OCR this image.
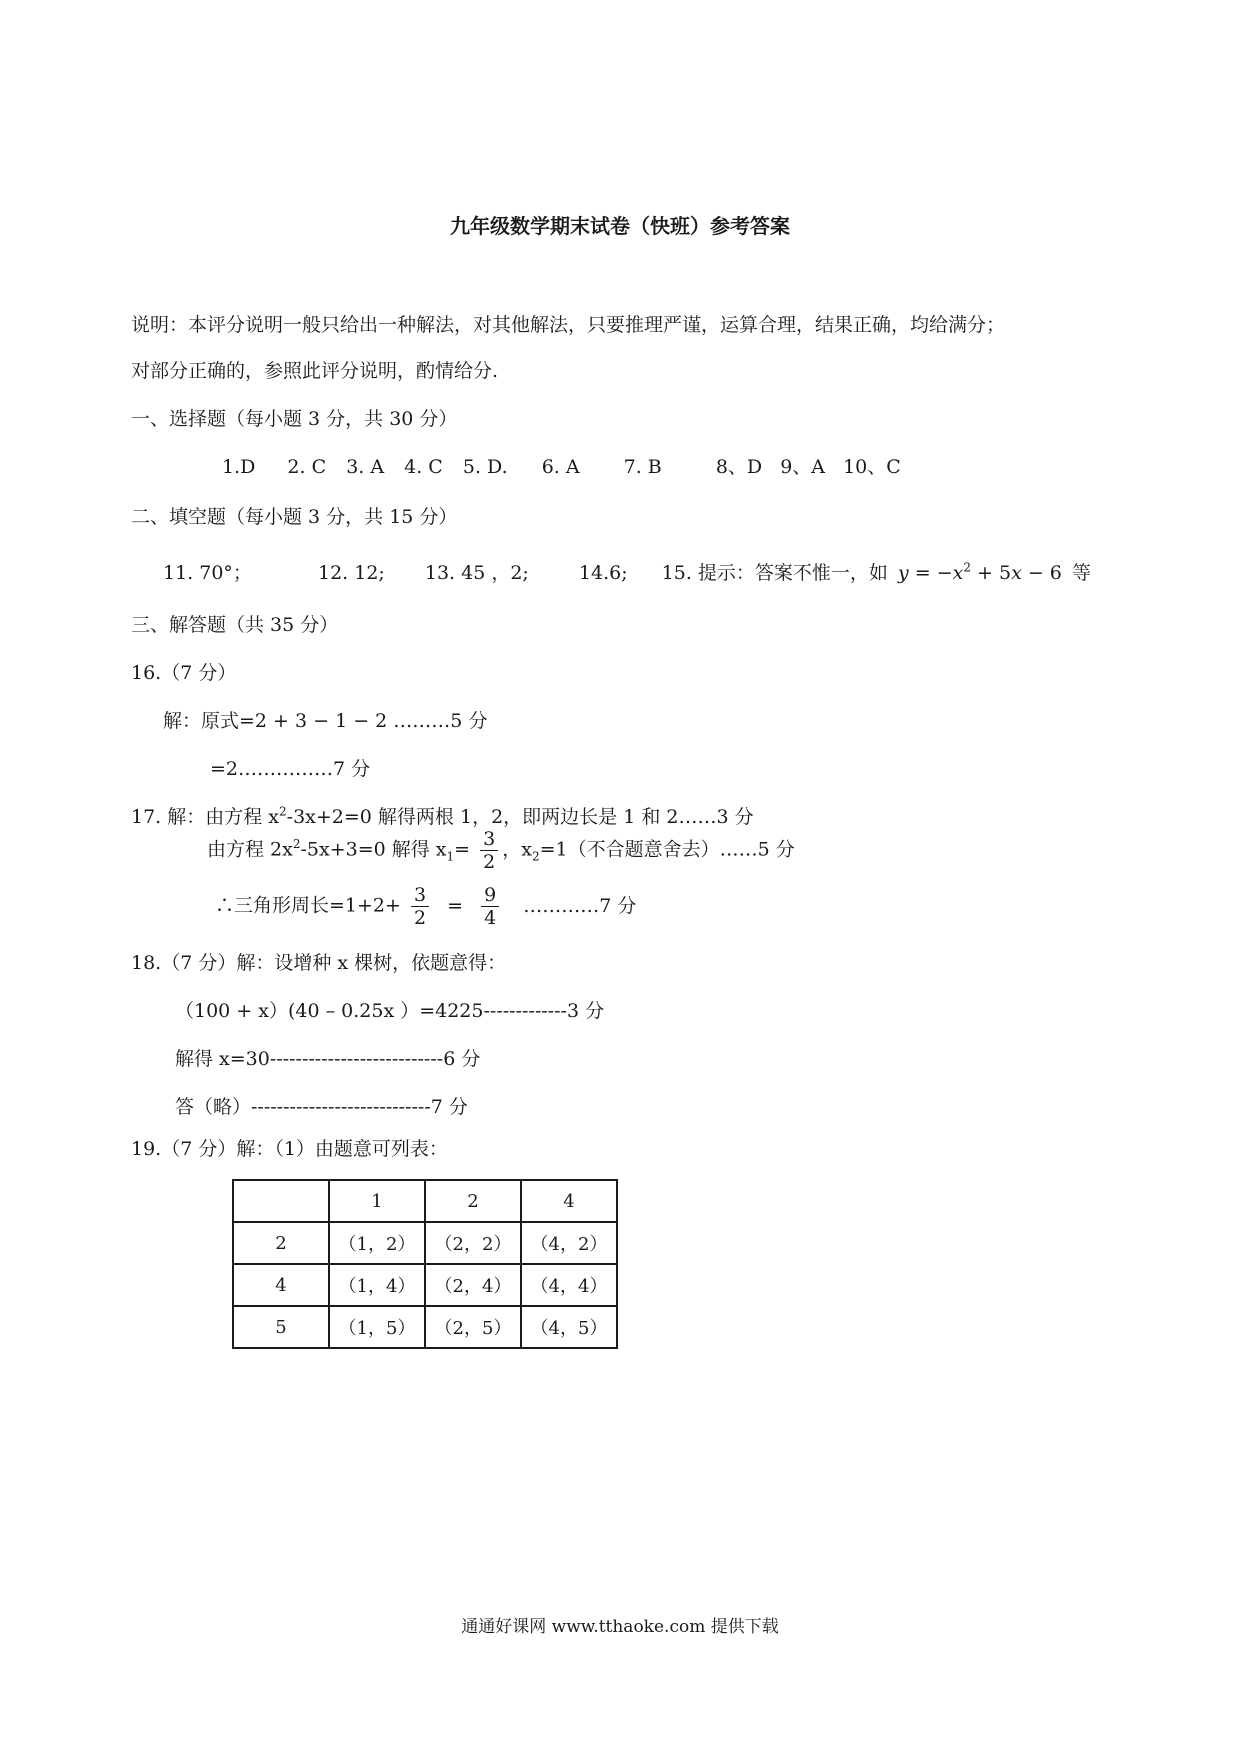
九年级数学期末试卷（快班）参考答案
说明：本评分说明一般只给出一种解法，对其他解法，只要推理严谨，运算合理，结果正确，均给满分；
对部分正确的，参照此评分说明，酌情给分.
一、选择题（每小题 3 分，共 30 分）
1.D 2. C 3. A 4. C 5. D. 6. A 7. B	8、D 9、A 10、C
二、填空题（每小题 3 分，共 15 分）
11. 70°；	12. 12; 13. 45 ，2;	14.6; 15. 提示：答案不惟一，如 $y = -x^2 + 5x - 6$ 等
三、解答题（共 35 分）
16.（7 分）
解：原式=2 + 3 − 1 − 2 ………5 分
=2……………7 分
17. 解：由方程 $x^2-3x+2=0$ 解得两根 1，2，即两边长是 1 和 2……3 分
由方程 $2x^2-5x+3=0$ 解得 $x_1= \frac{3}{2}$ ，$x_2=1$（不合题意舍去）……5 分
∴三角形周长$=1+2+ \frac{3}{2} = \frac{9}{4}$ …………7 分
18.（7 分）解：设增种 x 棵树，依题意得：
（100 + x）(40 – 0.25x ）=4225-------------3 分
解得 x=30---------------------------6 分
答（略）----------------------------7 分
19.（7 分）解：（1）由题意可列表：
	1	2	4
2	（1，2）	（2，2）	（4，2）
4	（1，4）	（2，4）	（4，4）
5	（1，5）	（2，5）	（4，5）
通通好课网 www.tthaoke.com 提供下载
